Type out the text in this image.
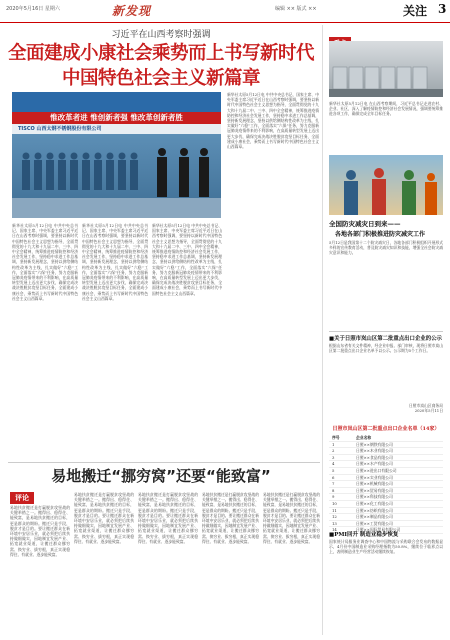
2020年5月16日 星期六	新发现	编辑 ×× 版式 ××	关注 3
习近平在山西考察时强调
全面建成小康社会乘势而上书写新时代
中国特色社会主义新篇章
惟改革者进 惟创新者强 惟改革创新者胜
TISCO 山西太钢不锈钢股份有限公司
新华社太原5月12日电 中共中央总书记、国家主席、中央军委主席习近平近日在山西考察时强调，要坚持以新时代中国特色社会主义思想为指导，全面贯彻党的十九大和十九届二中、三中、四中全会精神，统筹推进疫情防控和经济社会发展工作，坚持稳中求进工作总基调，坚持新发展理念，坚持以供给侧结构性改革为主线，扎实做好“六稳”工作，全面落实“六保”任务，努力克服新冠肺炎疫情带来的不利影响，在高质量转型发展上迈出更大步伐，确保完成决战决胜脱贫攻坚目标任务，全面建成小康社会，乘势而上书写新时代中国特色社会主义山西篇章。
新华社太原5月12日电 中共中央总书记、国家主席、中央军委主席习近平近日在山西考察时强调，要坚持以新时代中国特色社会主义思想为指导，全面贯彻党的十九大和十九届二中、三中、四中全会精神，统筹推进疫情防控和经济社会发展工作，坚持稳中求进工作总基调，坚持新发展理念，坚持以供给侧结构性改革为主线，扎实做好“六稳”工作，全面落实“六保”任务，努力克服新冠肺炎疫情带来的不利影响，在高质量转型发展上迈出更大步伐，确保完成决战决胜脱贫攻坚目标任务，全面建成小康社会，乘势而上书写新时代中国特色社会主义山西篇章。
新华社太原5月12日电 中共中央总书记、国家主席、中央军委主席习近平近日在山西考察时强调，要坚持以新时代中国特色社会主义思想为指导，全面贯彻党的十九大和十九届二中、三中、四中全会精神，统筹推进疫情防控和经济社会发展工作，坚持稳中求进工作总基调，坚持新发展理念，坚持以供给侧结构性改革为主线，扎实做好“六稳”工作，全面落实“六保”任务，努力克服新冠肺炎疫情带来的不利影响，在高质量转型发展上迈出更大步伐，确保完成决战决胜脱贫攻坚目标任务，全面建成小康社会，乘势而上书写新时代中国特色社会主义山西篇章。
新华社太原5月12日电 中共中央总书记、国家主席、中央军委主席习近平近日在山西考察时强调，要坚持以新时代中国特色社会主义思想为指导，全面贯彻党的十九大和十九届二中、三中、四中全会精神，统筹推进疫情防控和经济社会发展工作，坚持稳中求进工作总基调，坚持新发展理念，坚持以供给侧结构性改革为主线，扎实做好“六稳”工作，全面落实“六保”任务，努力克服新冠肺炎疫情带来的不利影响，在高质量转型发展上迈出更大步伐，确保完成决战决胜脱贫攻坚目标任务，全面建成小康社会，乘势而上书写新时代中国特色社会主义山西篇章。
易地搬迁“挪穷窝”还要“能致富”
评论
易地扶贫搬迁是打赢脱贫攻坚战的关键举措之一。搬得出、稳得住、能致富，是易地扶贫搬迁的目标，更是群众的期盼。搬迁只是手段，脱贫才是目的。要让搬迁群众在新环境中安居乐业，就必须把后续扶持做细做实，因地制宜发展产业、拓宽就业渠道，让搬迁群众挪穷窝、换穷业、拔穷根，真正实现稳得住、有就业、逐步能致富。
易地扶贫搬迁是打赢脱贫攻坚战的关键举措之一。搬得出、稳得住、能致富，是易地扶贫搬迁的目标，更是群众的期盼。搬迁只是手段，脱贫才是目的。要让搬迁群众在新环境中安居乐业，就必须把后续扶持做细做实，因地制宜发展产业、拓宽就业渠道，让搬迁群众挪穷窝、换穷业、拔穷根，真正实现稳得住、有就业、逐步能致富。
易地扶贫搬迁是打赢脱贫攻坚战的关键举措之一。搬得出、稳得住、能致富，是易地扶贫搬迁的目标，更是群众的期盼。搬迁只是手段，脱贫才是目的。要让搬迁群众在新环境中安居乐业，就必须把后续扶持做细做实，因地制宜发展产业、拓宽就业渠道，让搬迁群众挪穷窝、换穷业、拔穷根，真正实现稳得住、有就业、逐步能致富。
易地扶贫搬迁是打赢脱贫攻坚战的关键举措之一。搬得出、稳得住、能致富，是易地扶贫搬迁的目标，更是群众的期盼。搬迁只是手段，脱贫才是目的。要让搬迁群众在新环境中安居乐业，就必须把后续扶持做细做实，因地制宜发展产业、拓宽就业渠道，让搬迁群众挪穷窝、换穷业、拔穷根，真正实现稳得住、有就业、逐步能致富。
易地扶贫搬迁是打赢脱贫攻坚战的关键举措之一。搬得出、稳得住、能致富，是易地扶贫搬迁的目标，更是群众的期盼。搬迁只是手段，脱贫才是目的。要让搬迁群众在新环境中安居乐业，就必须把后续扶持做细做实，因地制宜发展产业、拓宽就业渠道，让搬迁群众挪穷窝、换穷业、拔穷根，真正实现稳得住、有就业、逐步能致富。
新华社太原5月12日电 在山西考察期间，习近平总书记走进农村、企业、社区，深入了解疫情防控和经济社会发展情况，强调要统筹推进各项工作，确保完成全年目标任务。
全国防灾减灾日到来——
各地各部门积极推进防灾减灾工作
5月12日是我国第十二个防灾减灾日，各地各部门积极组织开展形式多样的宣传教育活动，普及防灾减灾知识和技能，增强全社会防灾减灾意识和能力。
■关于日照市岚山区第二批重点出口企业的公示
根据山东省有关文件精神，经企业申报、部门审核，现将日照市岚山区第二批重点出口企业名单予以公示。公示期为5个工作日。
日照市岚山区商务局
2020年5月11日
日照市岚山区第二批重点出口企业名单（14家）
序号	企业名称
1	日照××钢铁有限公司
2	日照××木业有限公司
3	日照××食品有限公司
4	日照××水产有限公司
5	日照××进出口有限公司
6	日照××实业有限公司
7	日照××机械有限公司
8	日照××贸易有限公司
9	日照××科技有限公司
10	日照××化工有限公司
11	日照××纺织有限公司
12	日照××制品有限公司
13	日照××工贸有限公司
14	日照××国际贸易有限公司
■PMI回升 制造业稳步恢复
国家统计局服务业调查中心和中国物流与采购联合会发布的数据显示，4月份中国制造业采购经理指数为50.8%，继续位于临界点以上，表明制造业生产经营活动继续恢复。
